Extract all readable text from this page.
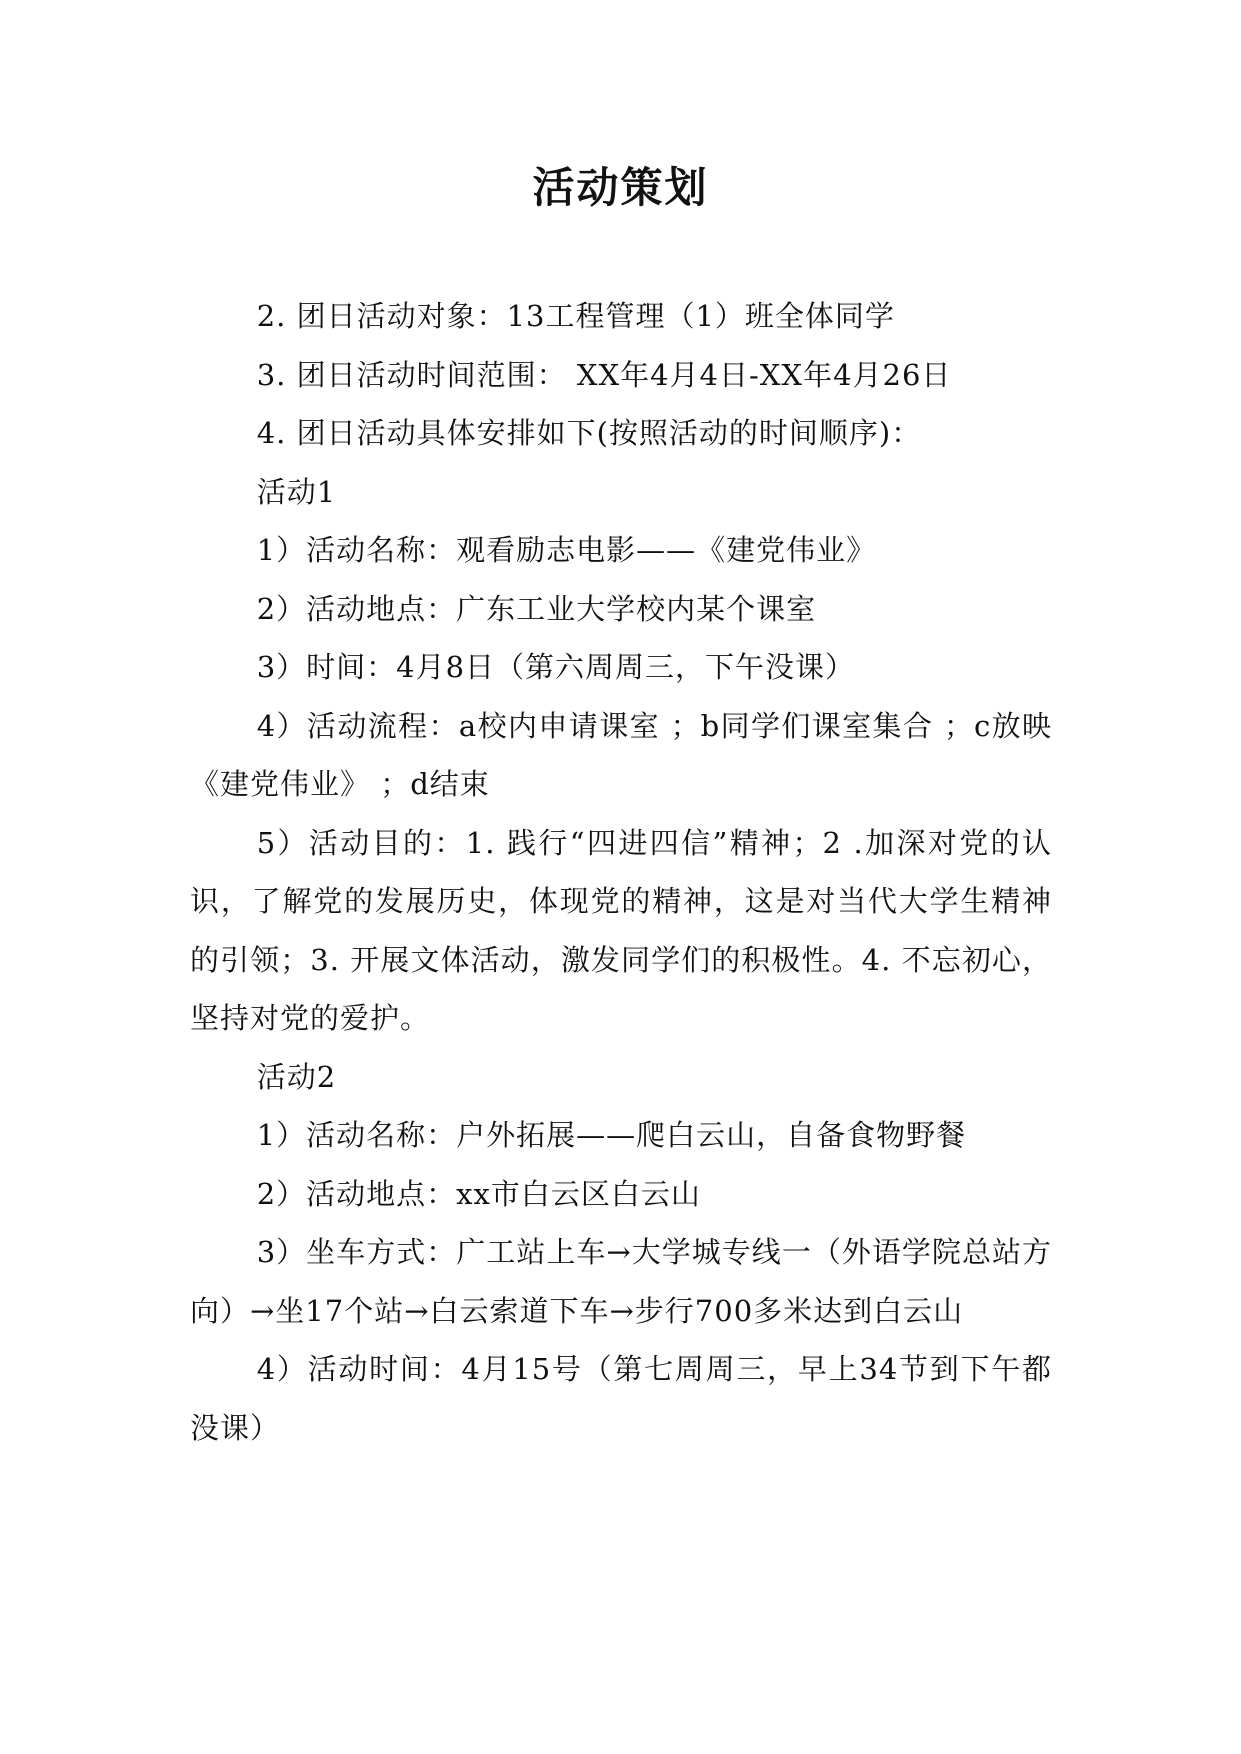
活动策划

2. 团日活动对象：13工程管理（1）班全体同学

3. 团日活动时间范围： XX年4月4日-XX年4月26日

4. 团日活动具体安排如下(按照活动的时间顺序)：

活动1

1）活动名称：观看励志电影——《建党伟业》

2）活动地点：广东工业大学校内某个课室

3）时间：4月8日（第六周周三，下午没课）

4）活动流程：a校内申请课室 ；b同学们课室集合 ；c放映《建党伟业》 ；d结束

5）活动目的：1. 践行“四进四信”精神；2 .加深对党的认识，了解党的发展历史，体现党的精神，这是对当代大学生精神的引领；3. 开展文体活动，激发同学们的积极性。4. 不忘初心，坚持对党的爱护。

活动2

1）活动名称：户外拓展——爬白云山，自备食物野餐

2）活动地点：xx市白云区白云山

3）坐车方式：广工站上车→大学城专线一（外语学院总站方向）→坐17个站→白云索道下车→步行700多米达到白云山

4）活动时间：4月15号（第七周周三，早上34节到下午都没课）
